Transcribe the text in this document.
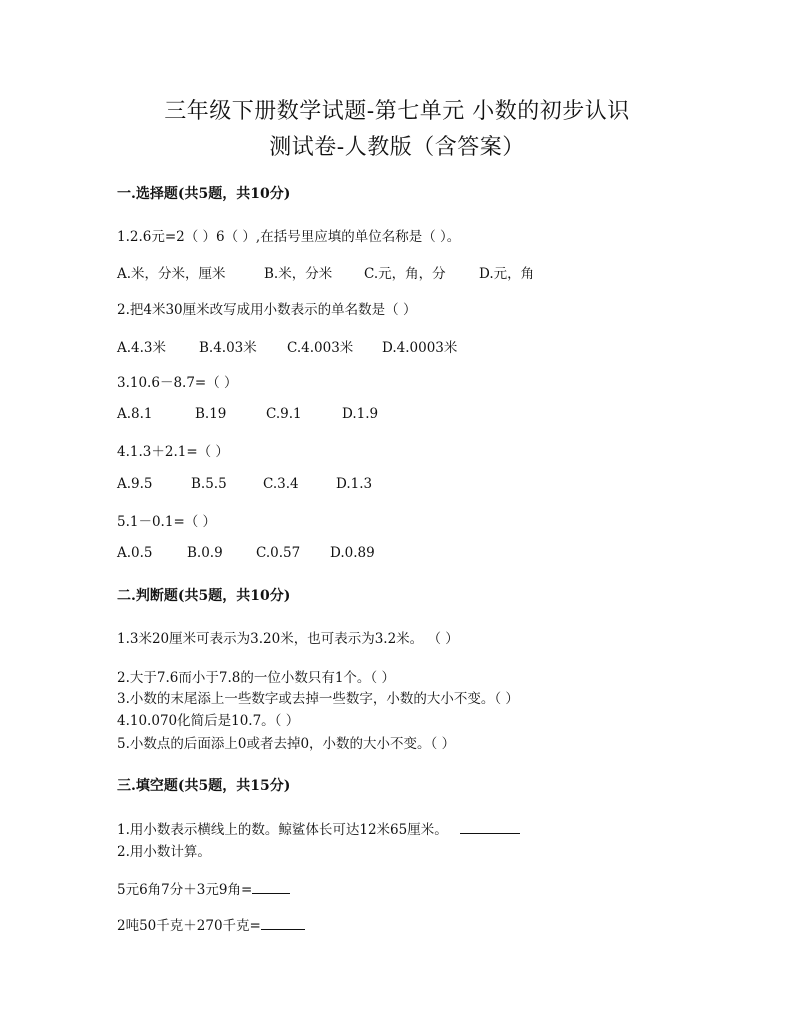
三年级下册数学试题-第七单元 小数的初步认识
测试卷-人教版（含答案）
一.选择题(共5题，共10分)
1.2.6元=2（ ）6（ ）,在括号里应填的单位名称是（ ）。
A.米，分米，厘米	B.米，分米 C.元，角，分 D.元，角
2.把4米30厘米改写成用小数表示的单名数是（ ）
A.4.3米 B.4.03米 C.4.003米 D.4.0003米
3.10.6－8.7=（ ）
A.8.1	B.19	C.9.1	D.1.9
4.1.3＋2.1=（ ）
A.9.5	B.5.5	C.3.4	D.1.3
5.1－0.1=（ ）
A.0.5	B.0.9 C.0.57 D.0.89
二.判断题(共5题，共10分)
1.3米20厘米可表示为3.20米，也可表示为3.2米。 （ ）
2.大于7.6而小于7.8的一位小数只有1个。（ ）
3.小数的末尾添上一些数字或去掉一些数字，小数的大小不变。（ ）
4.10.070化简后是10.7。（ ）
5.小数点的后面添上0或者去掉0，小数的大小不变。（ ）
三.填空题(共5题，共15分)
1.用小数表示横线上的数。鲸鲨体长可达12米65厘米。
2.用小数计算。
5元6角7分＋3元9角=
2吨50千克＋270千克=
